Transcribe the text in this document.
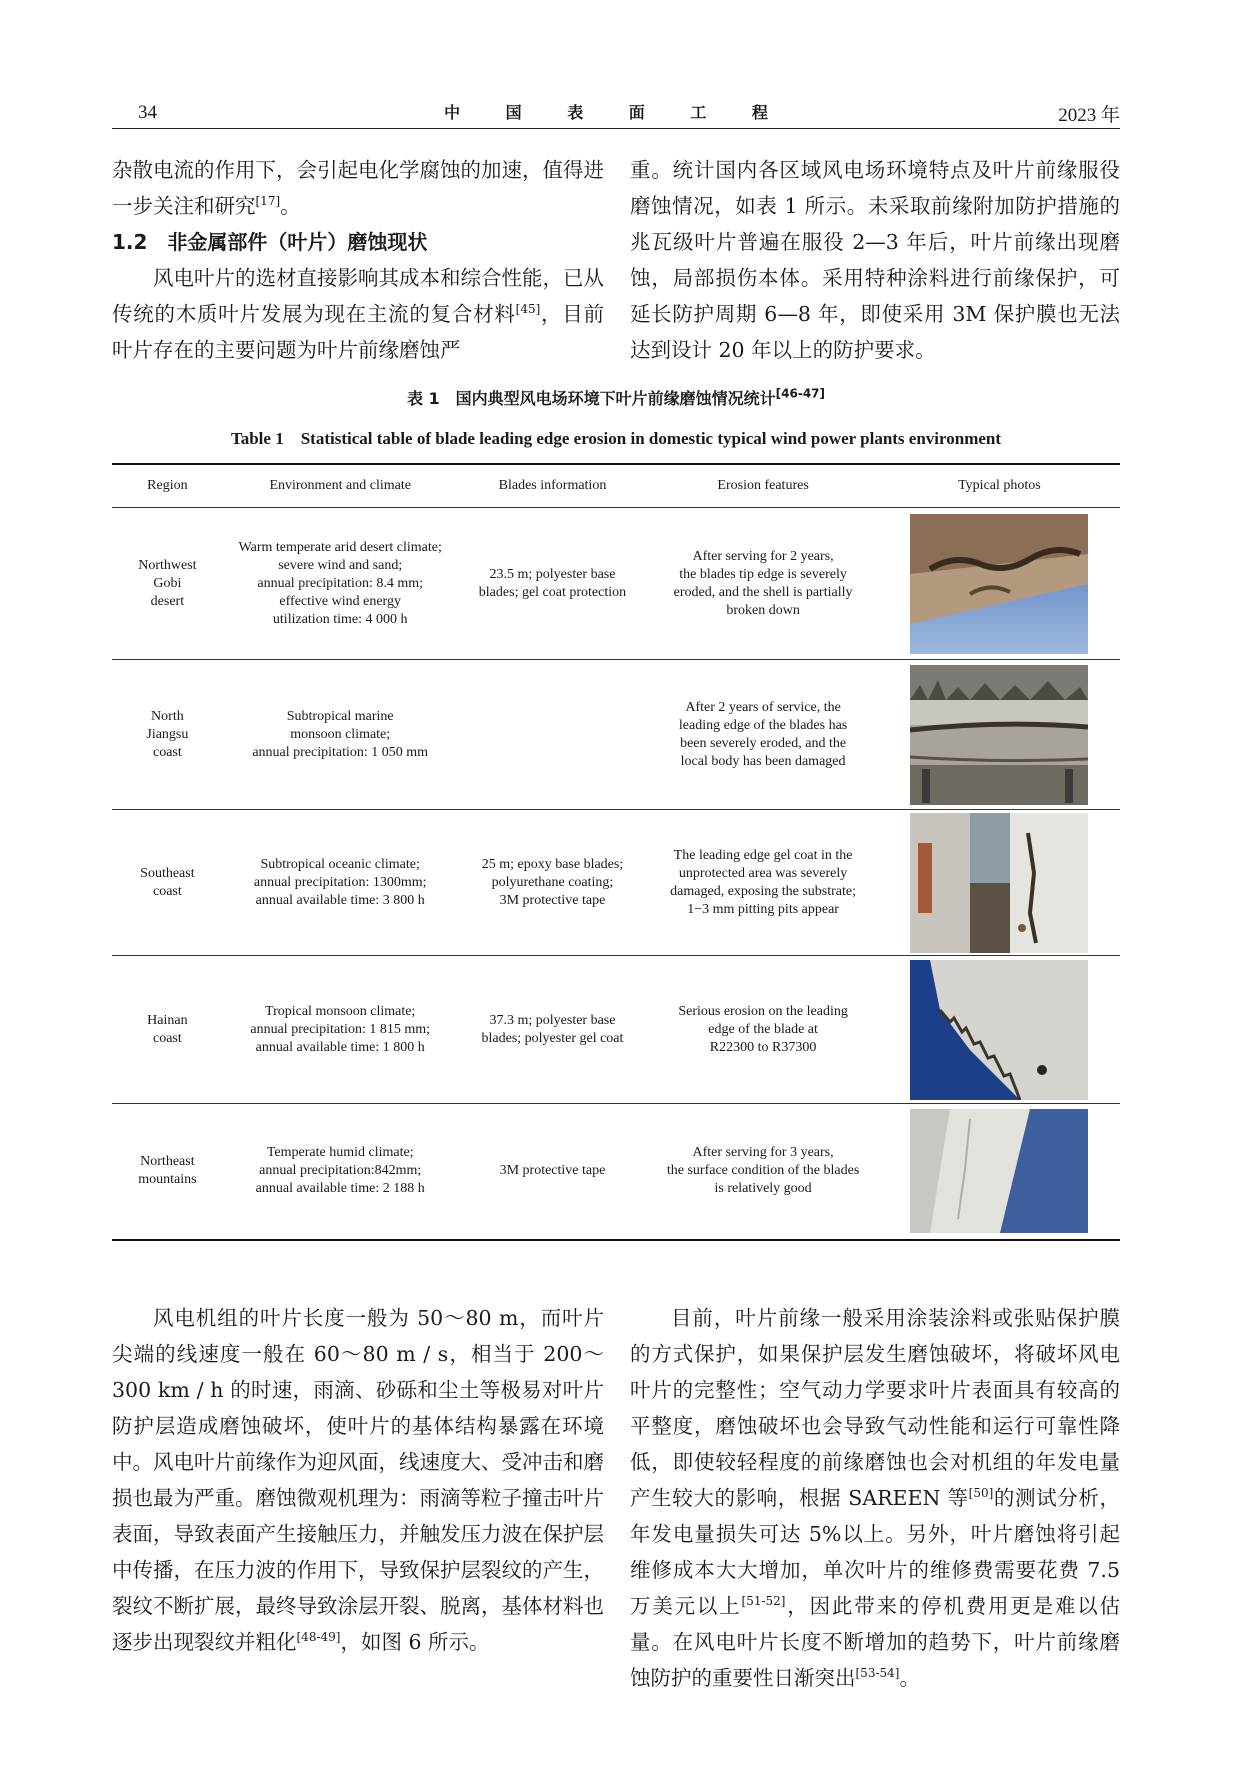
34	中 国 表 面 工 程	2023 年

杂散电流的作用下，会引起电化学腐蚀的加速，值得进一步关注和研究[17]。

1.2　非金属部件（叶片）磨蚀现状

风电叶片的选材直接影响其成本和综合性能，已从传统的木质叶片发展为现在主流的复合材料[45]，目前叶片存在的主要问题为叶片前缘磨蚀严

重。统计国内各区域风电场环境特点及叶片前缘服役磨蚀情况，如表 1 所示。未采取前缘附加防护措施的兆瓦级叶片普遍在服役 2—3 年后，叶片前缘出现磨蚀，局部损伤本体。采用特种涂料进行前缘保护，可延长防护周期 6—8 年，即使采用 3M 保护膜也无法达到设计 20 年以上的防护要求。

表 1　国内典型风电场环境下叶片前缘磨蚀情况统计[46-47]
Table 1　Statistical table of blade leading edge erosion in domestic typical wind power plants environment
Region	Environment and climate	Blades information	Erosion features	Typical photos
Northwest
Gobi
desert	Warm temperate arid desert climate;
severe wind and sand;
annual precipitation: 8.4 mm;
effective wind energy
utilization time: 4 000 h	23.5 m; polyester base
blades; gel coat protection	After serving for 2 years,
the blades tip edge is severely
eroded, and the shell is partially
broken down	

North
Jiangsu
coast	Subtropical marine
monsoon climate;
annual precipitation: 1 050 mm		After 2 years of service, the
leading edge of the blades has
been severely eroded, and the
local body has been damaged	

Southeast
coast	Subtropical oceanic climate;
annual precipitation: 1300mm;
annual available time: 3 800 h	25 m; epoxy base blades;
polyurethane coating;
3M protective tape	The leading edge gel coat in the
unprotected area was severely
damaged, exposing the substrate;
1−3 mm pitting pits appear	

Hainan
coast	Tropical monsoon climate;
annual precipitation: 1 815 mm;
annual available time: 1 800 h	37.3 m; polyester base
blades; polyester gel coat	Serious erosion on the leading
edge of the blade at
R22300 to R37300	

Northeast
mountains	Temperate humid climate;
annual precipitation:842mm;
annual available time: 2 188 h	3M protective tape	After serving for 3 years,
the surface condition of the blades
is relatively good	

风电机组的叶片长度一般为 50～80 m，而叶片尖端的线速度一般在 60～80 m / s，相当于 200～300 km / h 的时速，雨滴、砂砾和尘土等极易对叶片防护层造成磨蚀破坏，使叶片的基体结构暴露在环境中。风电叶片前缘作为迎风面，线速度大、受冲击和磨损也最为严重。磨蚀微观机理为：雨滴等粒子撞击叶片表面，导致表面产生接触压力，并触发压力波在保护层中传播，在压力波的作用下，导致保护层裂纹的产生，裂纹不断扩展，最终导致涂层开裂、脱离，基体材料也逐步出现裂纹并粗化[48-49]，如图 6 所示。

目前，叶片前缘一般采用涂装涂料或张贴保护膜的方式保护，如果保护层发生磨蚀破坏，将破坏风电叶片的完整性；空气动力学要求叶片表面具有较高的平整度，磨蚀破坏也会导致气动性能和运行可靠性降低，即使较轻程度的前缘磨蚀也会对机组的年发电量产生较大的影响，根据 SAREEN 等[50]的测试分析，年发电量损失可达 5%以上。另外，叶片磨蚀将引起维修成本大大增加，单次叶片的维修费需要花费 7.5 万美元以上[51-52]，因此带来的停机费用更是难以估量。在风电叶片长度不断增加的趋势下，叶片前缘磨蚀防护的重要性日渐突出[53-54]。
